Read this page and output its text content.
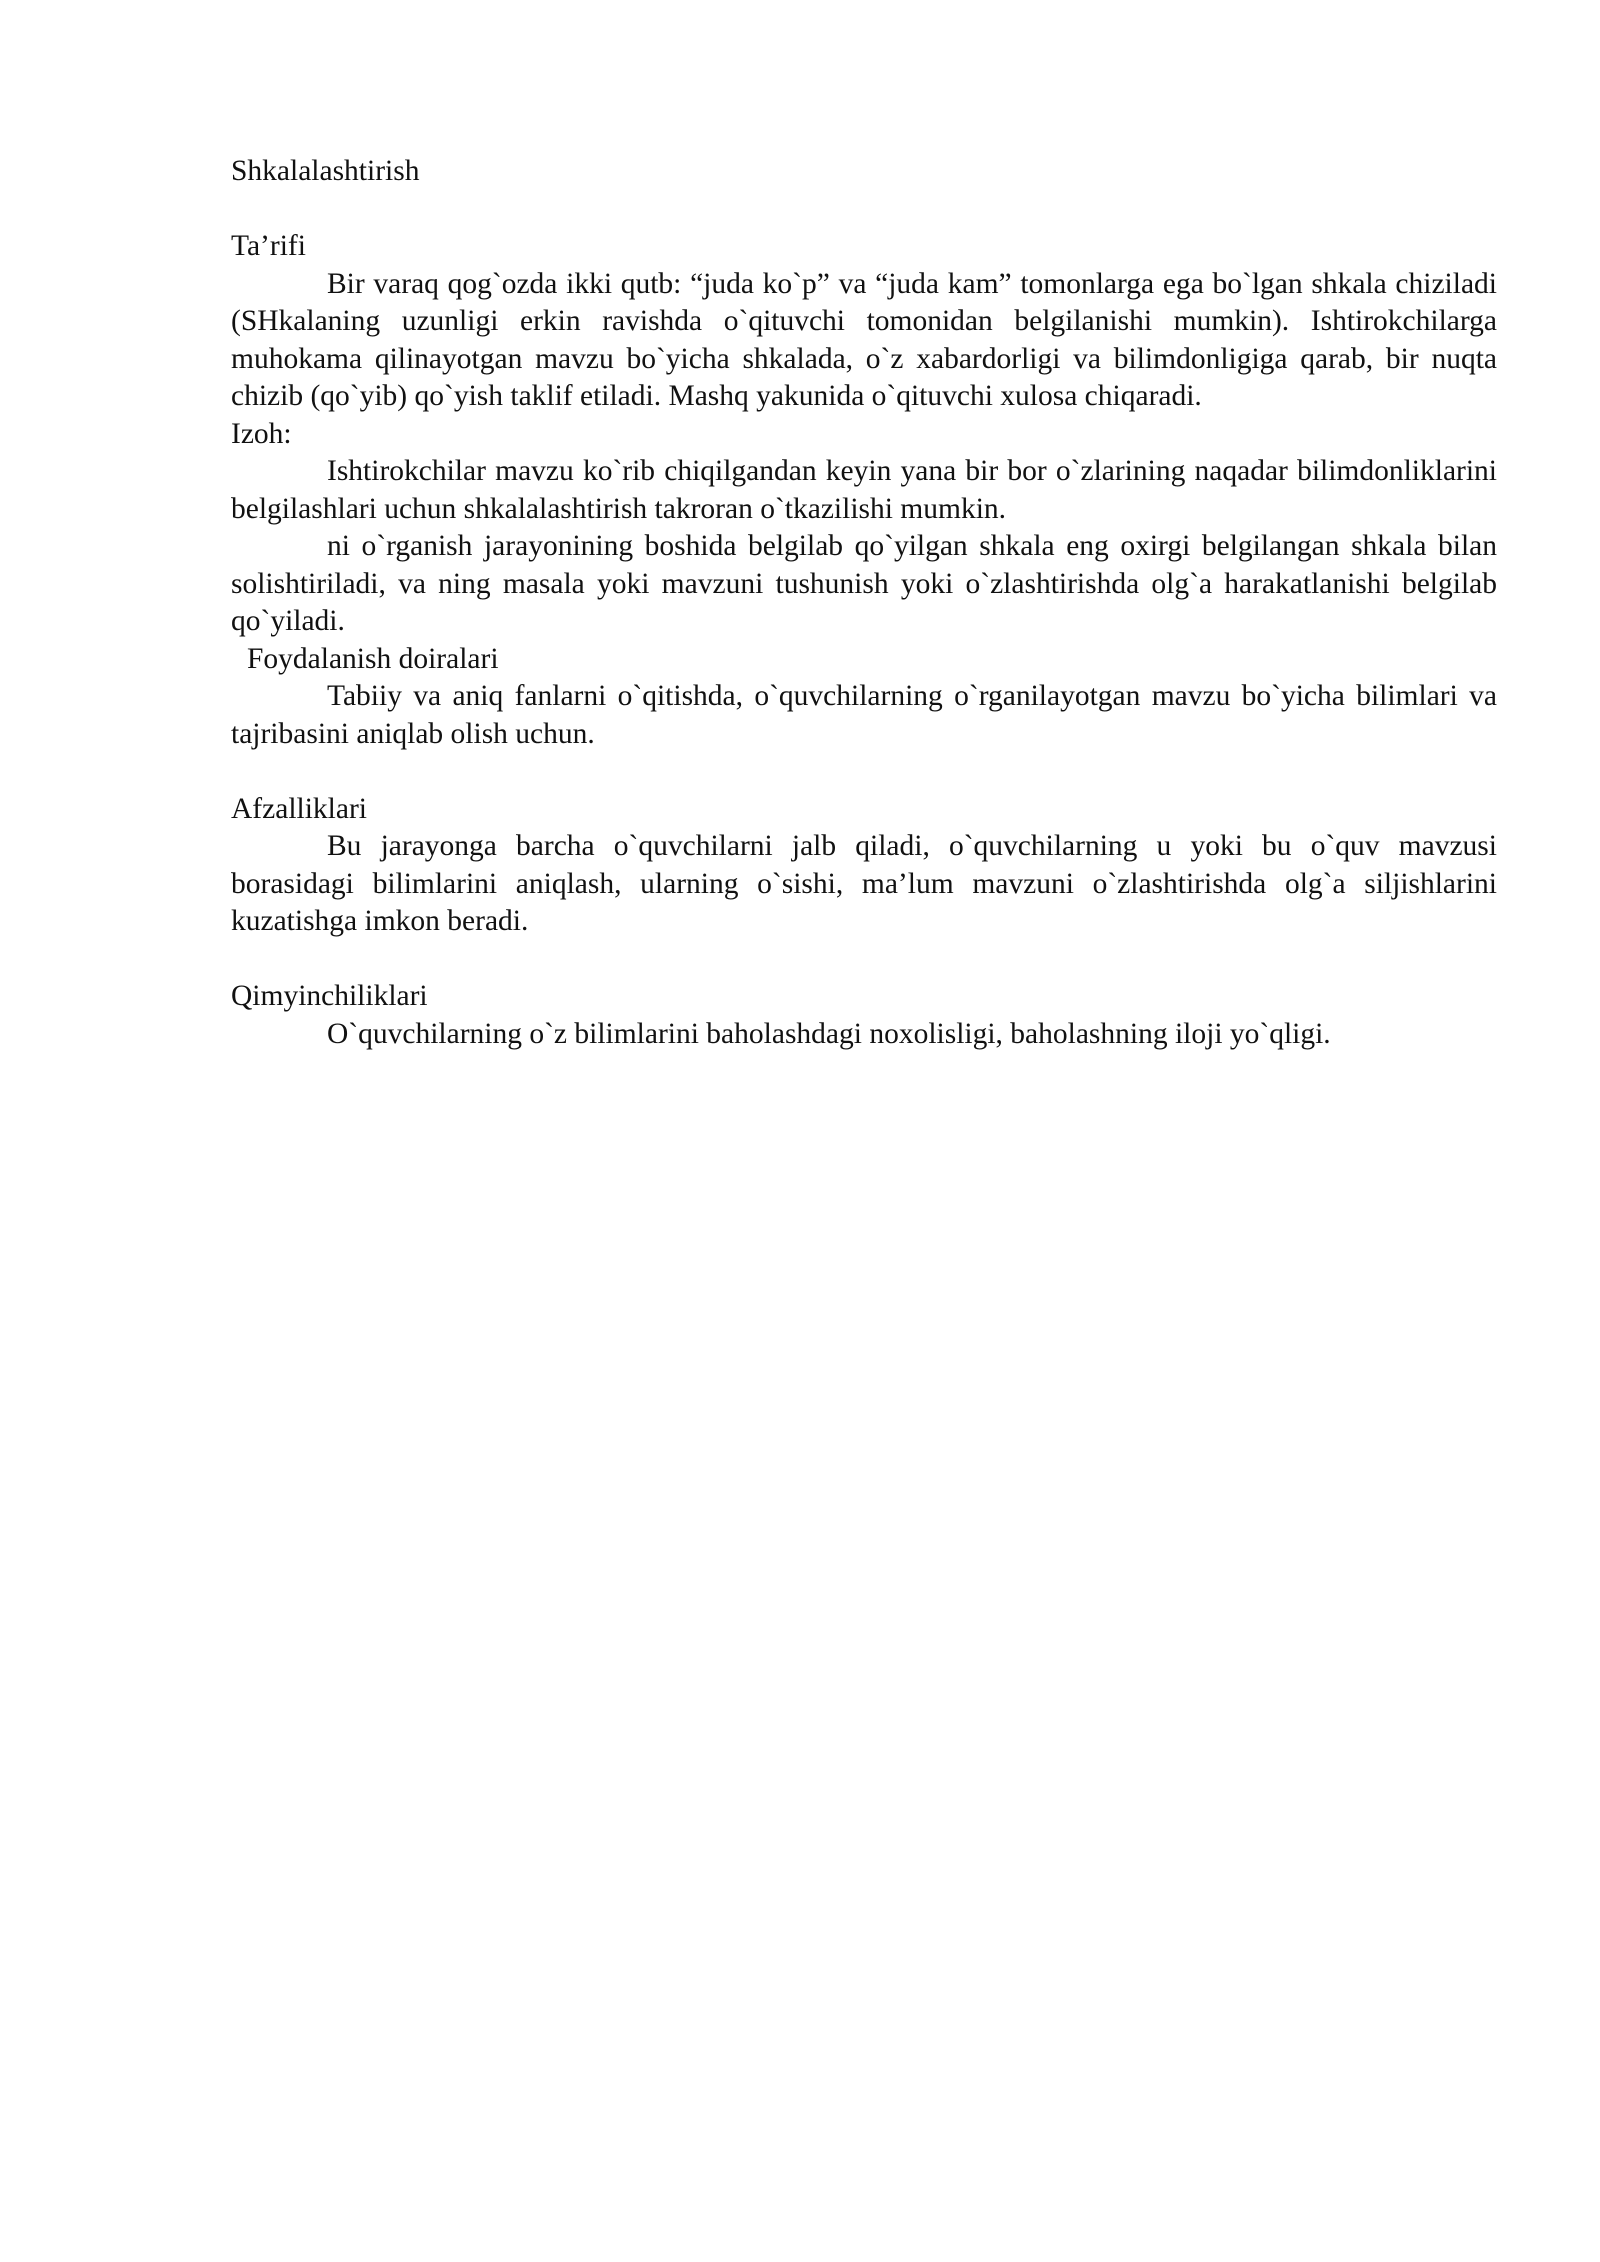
Shkalalashtirish

Ta’rifi

Bir varaq qog`ozda ikki qutb: “juda ko`p” va “juda kam” tomonlarga ega bo`lgan shkala chiziladi (SHkalaning uzunligi erkin ravishda o`qituvchi tomonidan belgilanishi mumkin). Ishtirokchilarga muhokama qilinayotgan mavzu bo`yicha shkalada, o`z xabardorligi va bilimdonligiga qarab, bir nuqta chizib (qo`yib) qo`yish taklif etiladi. Mashq yakunida o`qituvchi xulosa chiqaradi.

Izoh:

Ishtirokchilar mavzu ko`rib chiqilgandan keyin yana bir bor o`zlarining naqadar bilimdonliklarini belgilashlari uchun shkalalashtirish takroran o`tkazilishi mumkin.

ni o`rganish jarayonining boshida belgilab qo`yilgan shkala eng oxirgi belgilangan shkala bilan solishtiriladi, va ning masala yoki mavzuni tushunish yoki o`zlashtirishda olg`a harakatlanishi belgilab qo`yiladi.

Foydalanish doiralari

Tabiiy va aniq fanlarni o`qitishda, o`quvchilarning o`rganilayotgan mavzu bo`yicha bilimlari va tajribasini aniqlab olish uchun.

Afzalliklari

Bu jarayonga barcha o`quvchilarni jalb qiladi, o`quvchilarning u yoki bu o`quv mavzusi borasidagi bilimlarini aniqlash, ularning o`sishi, ma’lum mavzuni o`zlashtirishda olg`a siljishlarini kuzatishga imkon beradi.

Qimyinchiliklari

O`quvchilarning o`z bilimlarini baholashdagi noxolisligi, baholashning iloji yo`qligi.
